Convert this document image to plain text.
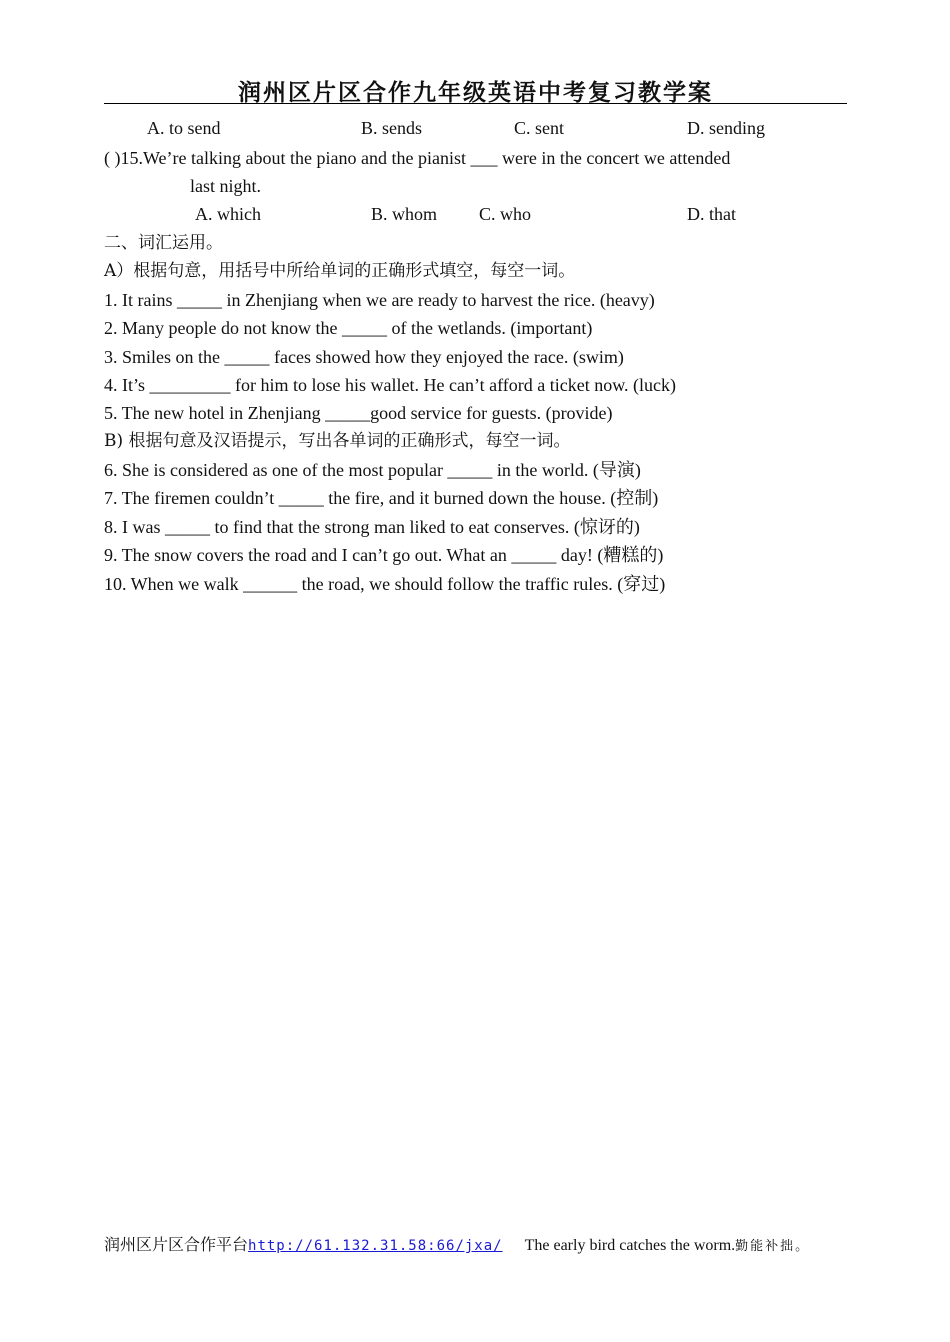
润州区片区合作九年级英语中考复习教学案
A. to send	B. sends	C. sent	D. sending
( )15.We’re talking about the piano and the pianist ___ were in the concert we attended
last night.
A. which	B. whom C. who	D. that
二、词汇运用。
A）根据句意，用括号中所给单词的正确形式填空，每空一词。
1. It rains _____ in Zhenjiang when we are ready to harvest the rice. (heavy)
2. Many people do not know the _____ of the wetlands. (important)
3. Smiles on the _____ faces showed how they enjoyed the race. (swim)
4. It’s _________ for him to lose his wallet. He can’t afford a ticket now. (luck)
5. The new hotel in Zhenjiang _____good service for guests. (provide)
B) 根据句意及汉语提示，写出各单词的正确形式，每空一词。
6. She is considered as one of the most popular _____ in the world. (导演)
7. The firemen couldn’t _____ the fire, and it burned down the house. (控制)
8. I was _____ to find that the strong man liked to eat conserves. (惊讶的)
9. The snow covers the road and I can’t go out. What an _____ day! (糟糕的)
10. When we walk ______ the road, we should follow the traffic rules. (穿过)
润州区片区合作平台http://61.132.31.58:66/jxa/ The early bird catches the worm.勤能补拙。
